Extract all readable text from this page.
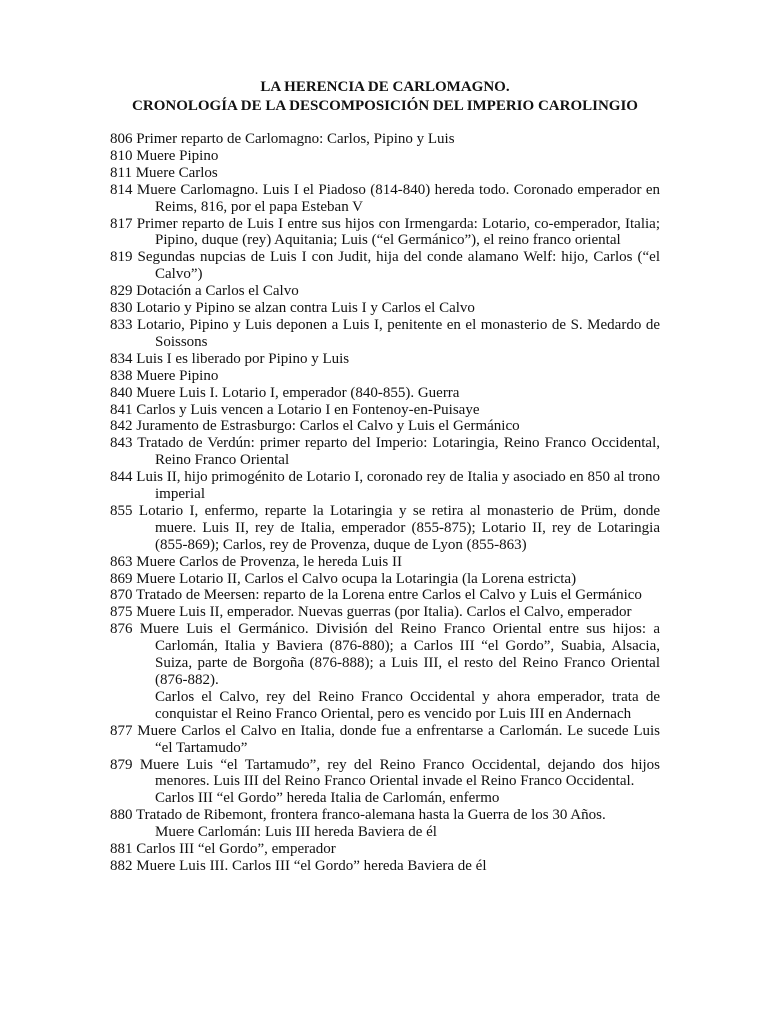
LA HERENCIA DE CARLOMAGNO.

CRONOLOGÍA DE LA DESCOMPOSICIÓN DEL IMPERIO CAROLINGIO

806 Primer reparto de Carlomagno: Carlos, Pipino y Luis
810 Muere Pipino
811 Muere Carlos
814 Muere Carlomagno. Luis I el Piadoso (814-840) hereda todo. Coronado emperador en Reims, 816, por el papa Esteban V
817 Primer reparto de Luis I entre sus hijos con Irmengarda: Lotario, co-emperador, Italia; Pipino, duque (rey) Aquitania; Luis (“el Germánico”), el reino franco oriental
819 Segundas nupcias de Luis I con Judit, hija del conde alamano Welf: hijo, Carlos (“el Calvo”)
829 Dotación a Carlos el Calvo
830 Lotario y Pipino se alzan contra Luis I y Carlos el Calvo
833 Lotario, Pipino y Luis deponen a Luis I, penitente en el monasterio de S. Medardo de Soissons
834 Luis I es liberado por Pipino y Luis
838 Muere Pipino
840 Muere Luis I. Lotario I, emperador (840-855). Guerra
841 Carlos y Luis vencen a Lotario I en Fontenoy-en-Puisaye
842 Juramento de Estrasburgo: Carlos el Calvo y Luis el Germánico
843 Tratado de Verdún: primer reparto del Imperio: Lotaringia, Reino Franco Occidental, Reino Franco Oriental
844 Luis II, hijo primogénito de Lotario I, coronado rey de Italia y asociado en 850 al trono imperial
855 Lotario I, enfermo, reparte la Lotaringia y se retira al monasterio de Prüm, donde muere. Luis II, rey de Italia, emperador (855-875); Lotario II, rey de Lotaringia (855-869); Carlos, rey de Provenza, duque de Lyon (855-863)
863 Muere Carlos de Provenza, le hereda Luis II
869 Muere Lotario II, Carlos el Calvo ocupa la Lotaringia (la Lorena estricta)
870 Tratado de Meersen: reparto de la Lorena entre Carlos el Calvo y Luis el Germánico
875 Muere Luis II, emperador. Nuevas guerras (por Italia). Carlos el Calvo, emperador
876 Muere Luis el Germánico. División del Reino Franco Oriental entre sus hijos: a Carlomán, Italia y Baviera (876-880); a Carlos III “el Gordo”, Suabia, Alsacia, Suiza, parte de Borgoña (876-888); a Luis III, el resto del Reino Franco Oriental (876-882).
Carlos el Calvo, rey del Reino Franco Occidental y ahora emperador, trata de conquistar el Reino Franco Oriental, pero es vencido por Luis III en Andernach
877 Muere Carlos el Calvo en Italia, donde fue a enfrentarse a Carlomán. Le sucede Luis “el Tartamudo”
879 Muere Luis “el Tartamudo”, rey del Reino Franco Occidental, dejando dos hijos menores. Luis III del Reino Franco Oriental invade el Reino Franco Occidental.
Carlos III “el Gordo” hereda Italia de Carlomán, enfermo
880 Tratado de Ribemont, frontera franco-alemana hasta la Guerra de los 30 Años.
Muere Carlomán: Luis III hereda Baviera de él
881 Carlos III “el Gordo”, emperador
882 Muere Luis III. Carlos III “el Gordo” hereda Baviera de él
